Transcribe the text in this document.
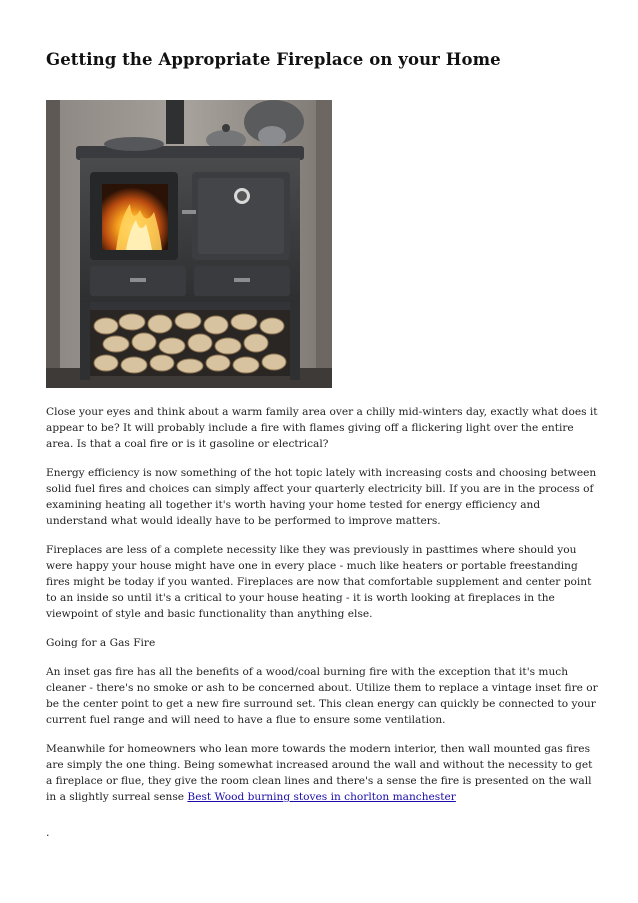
Getting the Appropriate Fireplace on your Home

Close your eyes and think about a warm family area over a chilly mid-winters day, exactly what does it appear to be? It will probably include a fire with flames giving off a flickering light over the entire area. Is that a coal fire or is it gasoline or electrical?

Energy efficiency is now something of the hot topic lately with increasing costs and choosing between solid fuel fires and choices can simply affect your quarterly electricity bill. If you are in the process of examining heating all together it's worth having your home tested for energy efficiency and understand what would ideally have to be performed to improve matters.

Fireplaces are less of a complete necessity like they was previously in pasttimes where should you were happy your house might have one in every place - much like heaters or portable freestanding fires might be today if you wanted. Fireplaces are now that comfortable supplement and center point to an inside so until it's a critical to your house heating - it is worth looking at fireplaces in the viewpoint of style and basic functionality than anything else.

Going for a Gas Fire

An inset gas fire has all the benefits of a wood/coal burning fire with the exception that it's much cleaner - there's no smoke or ash to be concerned about. Utilize them to replace a vintage inset fire or be the center point to get a new fire surround set. This clean energy can quickly be connected to your current fuel range and will need to have a flue to ensure some ventilation.

Meanwhile for homeowners who lean more towards the modern interior, then wall mounted gas fires are simply the one thing. Being somewhat increased around the wall and without the necessity to get a fireplace or flue, they give the room clean lines and there's a sense the fire is presented on the wall in a slightly surreal sense Best Wood burning stoves in chorlton manchester

.
